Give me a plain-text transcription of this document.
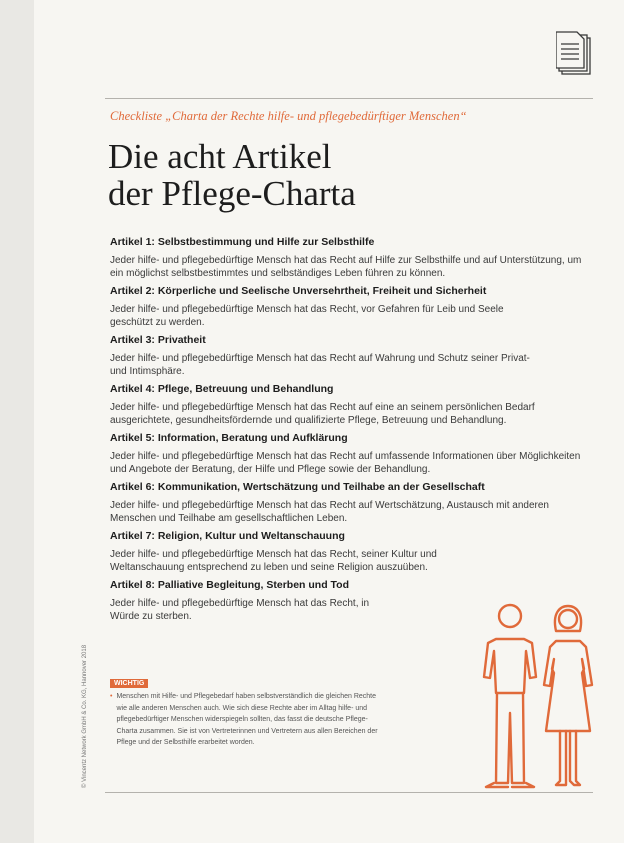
Checkliste „Charta der Rechte hilfe- und pflegebedürftiger Menschen“
Die acht Artikel
der Pflege-Charta
Artikel 1: Selbstbestimmung und Hilfe zur Selbsthilfe

Jeder hilfe- und pflegebedürftige Mensch hat das Recht auf Hilfe zur Selbsthilfe und auf Unterstützung, um ein möglichst selbstbestimmtes und selbständiges Leben führen zu können.

Artikel 2: Körperliche und Seelische Unversehrtheit, Freiheit und Sicherheit

Jeder hilfe- und pflegebedürftige Mensch hat das Recht, vor Gefahren für Leib und Seele geschützt zu werden.

Artikel 3: Privatheit

Jeder hilfe- und pflegebedürftige Mensch hat das Recht auf Wahrung und Schutz seiner Privat- und Intimsphäre.

Artikel 4: Pflege, Betreuung und Behandlung

Jeder hilfe- und pflegebedürftige Mensch hat das Recht auf eine an seinem persönlichen Bedarf ausgerichtete, gesundheitsfördernde und qualifizierte Pflege, Betreuung und Behandlung.

Artikel 5: Information, Beratung und Aufklärung

Jeder hilfe- und pflegebedürftige Mensch hat das Recht auf umfassende Informationen über Möglichkeiten und Angebote der Beratung, der Hilfe und Pflege sowie der Behandlung.

Artikel 6: Kommunikation, Wertschätzung und Teilhabe an der Gesellschaft

Jeder hilfe- und pflegebedürftige Mensch hat das Recht auf Wertschätzung, Austausch mit anderen Menschen und Teilhabe am gesellschaftlichen Leben.

Artikel 7: Religion, Kultur und Weltanschauung

Jeder hilfe- und pflegebedürftige Mensch hat das Recht, seiner Kultur und Weltanschauung entsprechend zu leben und seine Religion auszuüben.

Artikel 8: Palliative Begleitung, Sterben und Tod

Jeder hilfe- und pflegebedürftige Mensch hat das Recht, in Würde zu sterben.

WICHTIG
• Menschen mit Hilfe- und Pflegebedarf haben selbstverständlich die gleichen Rechte wie alle anderen Menschen auch. Wie sich diese Rechte aber im Alltag hilfe- und pflegebedürftiger Menschen widerspiegeln sollten, das fasst die deutsche Pflege-Charta zusammen. Sie ist von Vertreterinnen und Vertretern aus allen Bereichen der Pflege und der Selbsthilfe erarbeitet worden.
© Vincentz Network GmbH & Co. KG, Hannover 2018
